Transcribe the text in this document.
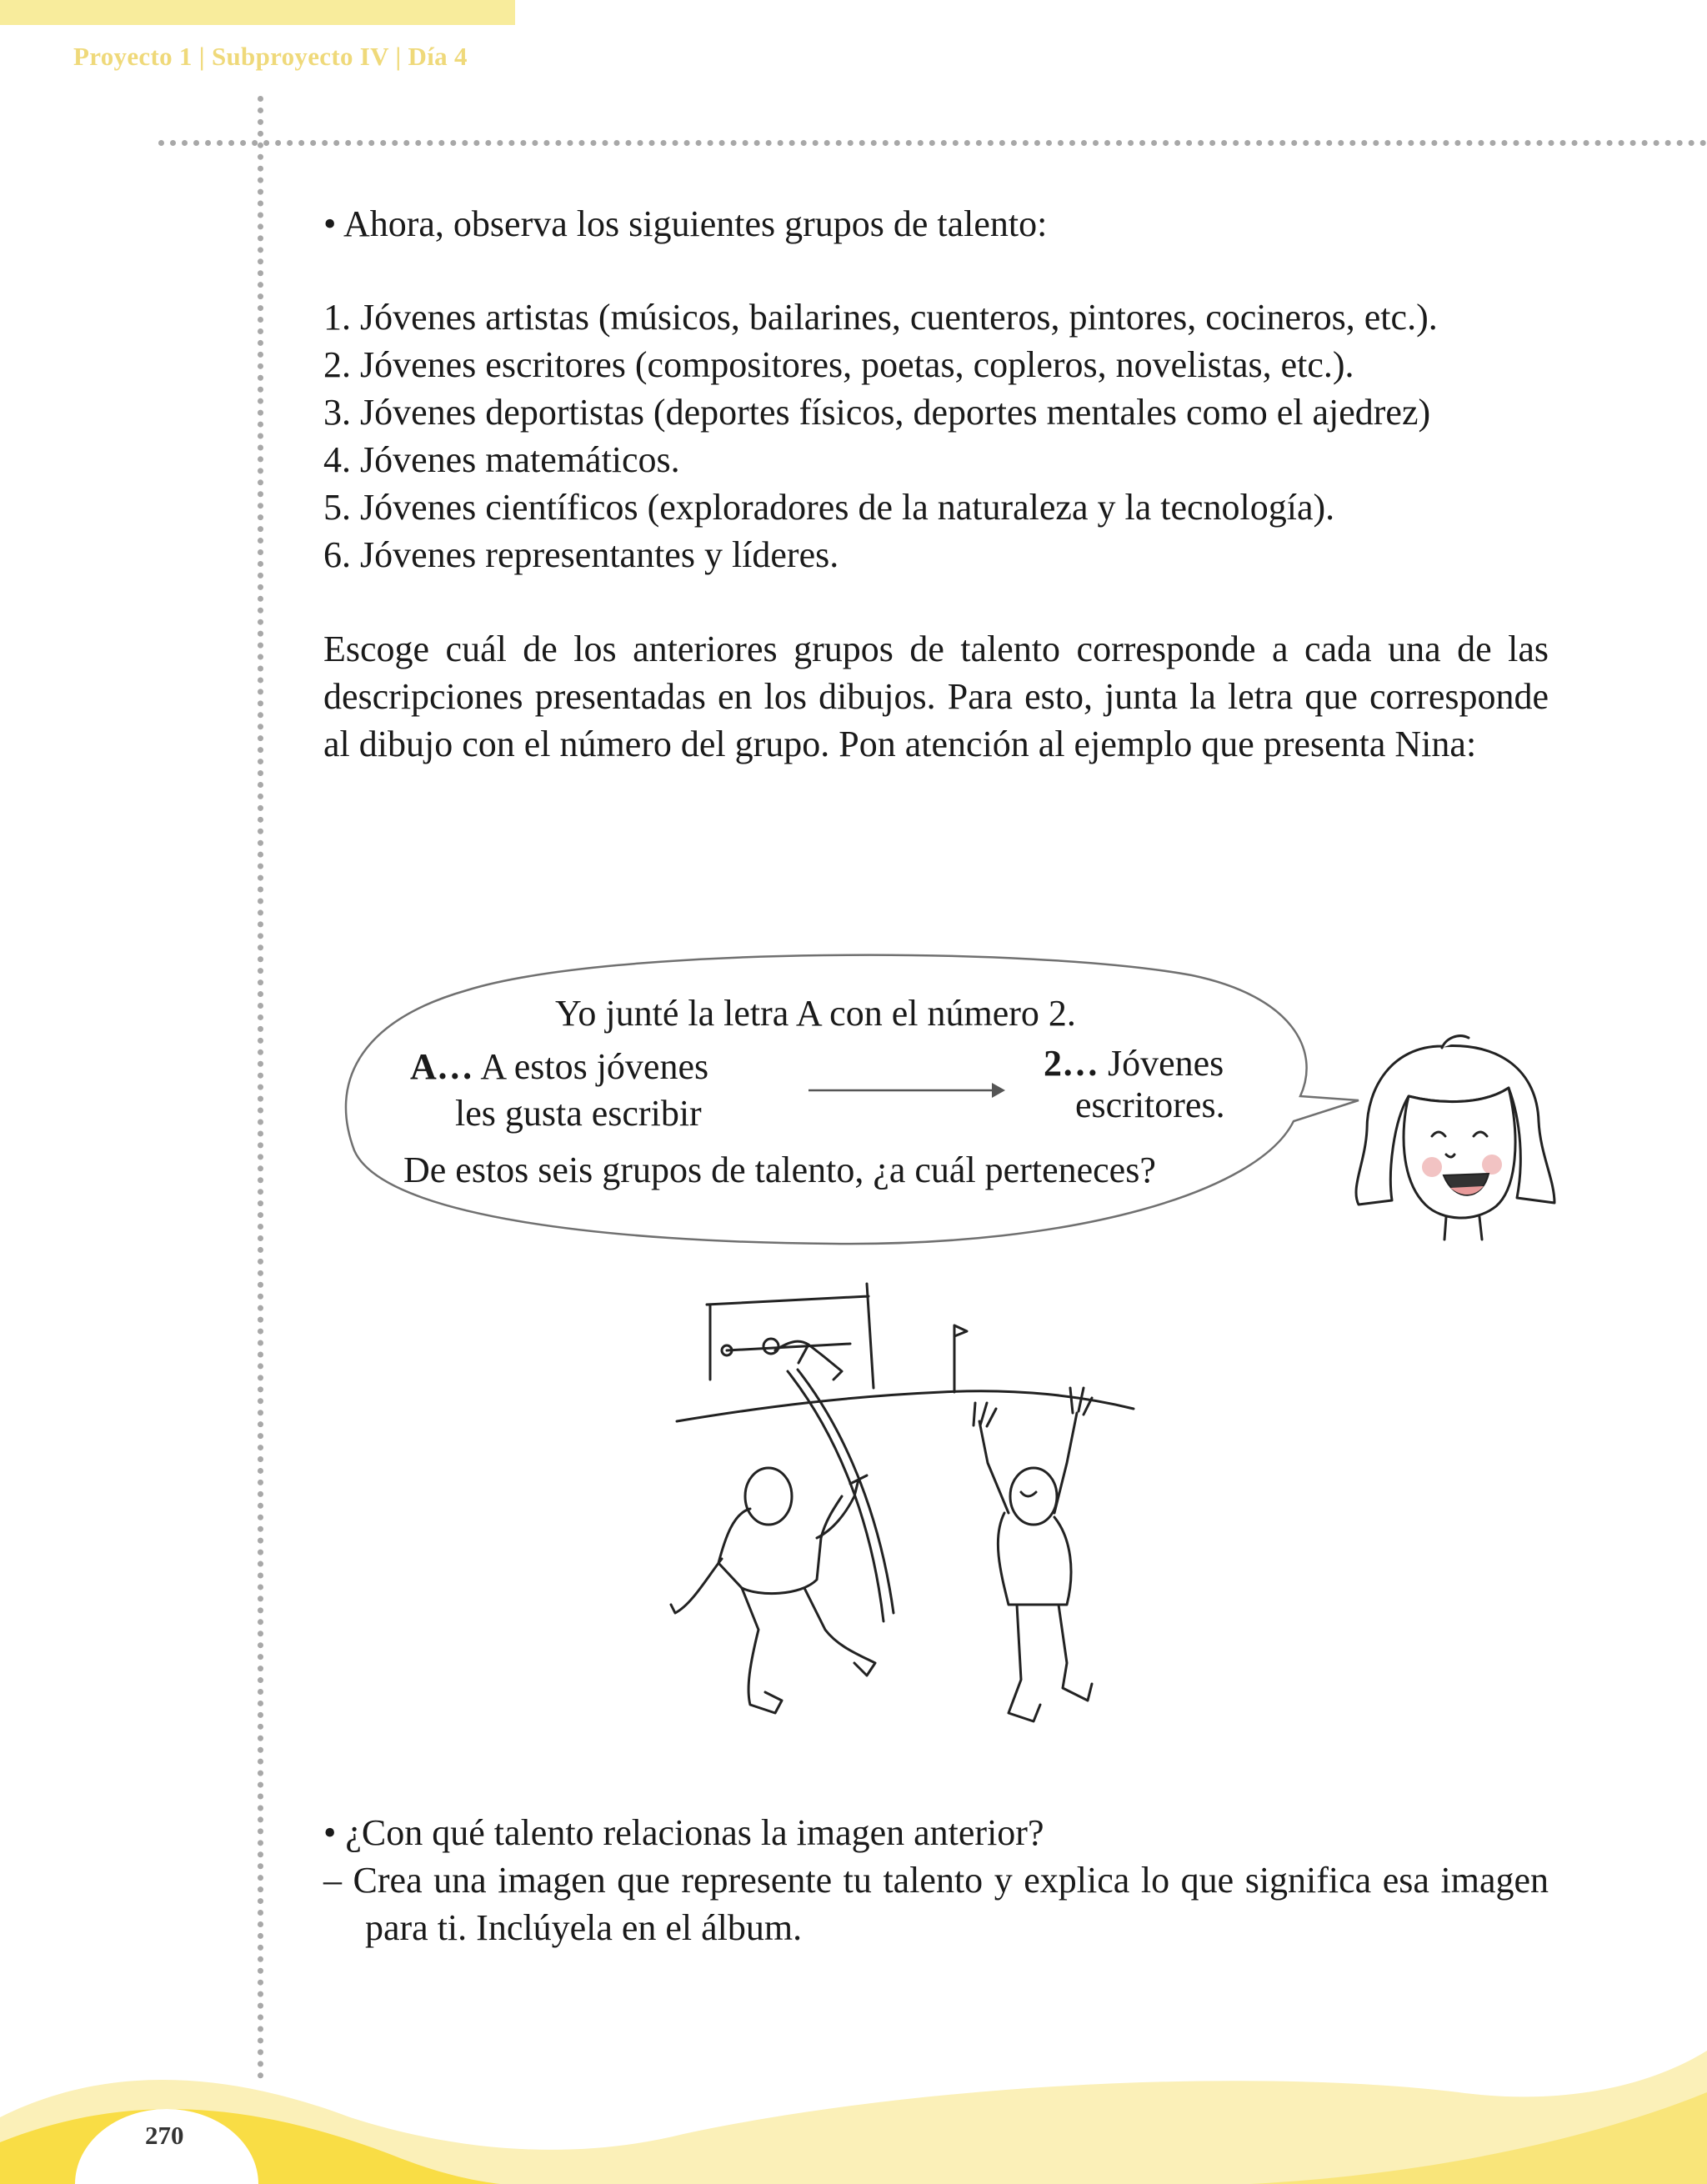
Proyecto 1 | Subproyecto IV | Día 4
• Ahora, observa los siguientes grupos de talento:
1. Jóvenes artistas (músicos, bailarines, cuenteros, pintores, cocineros, etc.).
2. Jóvenes escritores (compositores, poetas, copleros, novelistas, etc.).
3. Jóvenes deportistas (deportes físicos, deportes mentales como el ajedrez)
4. Jóvenes matemáticos.
5. Jóvenes científicos (exploradores de la naturaleza y la tecnología).
6. Jóvenes representantes y líderes.
Escoge cuál de los anteriores grupos de talento corresponde a cada una de las descripciones presentadas en los dibujos. Para esto, junta la letra que corresponde al dibujo con el número del grupo. Pon atención al ejemplo que presenta Nina:
Yo junté la letra A con el número 2.
A… A estos jóvenes
les gusta escribir
2… Jóvenes
escritores.
De estos seis grupos de talento, ¿a cuál perteneces?
• ¿Con qué talento relacionas la imagen anterior?
– Crea una imagen que represente tu talento y explica lo que significa esa imagen para ti. Inclúyela en el álbum.
270
